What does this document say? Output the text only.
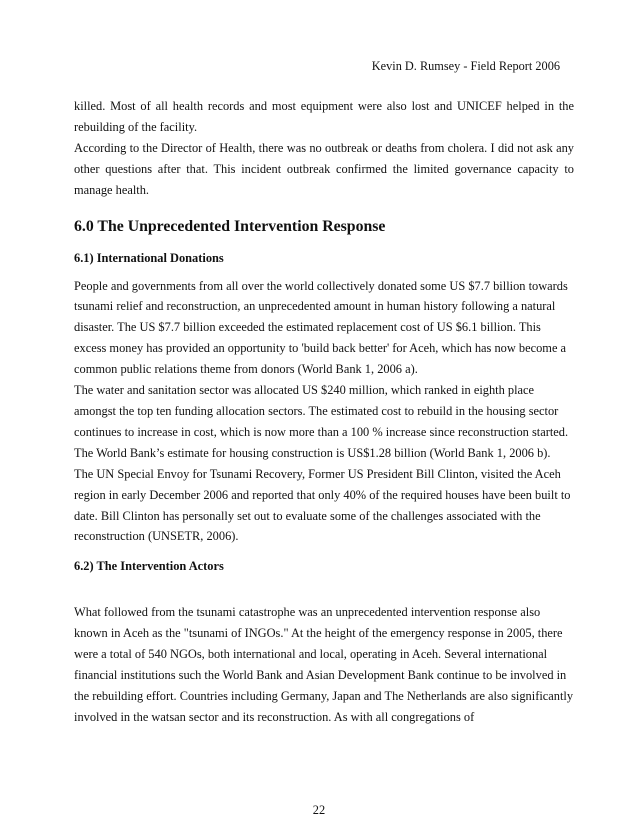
Kevin D. Rumsey - Field Report 2006

killed. Most of all health records and most equipment were also lost and UNICEF helped in the rebuilding of the facility.

According to the Director of Health, there was no outbreak or deaths from cholera. I did not ask any other questions after that. This incident outbreak confirmed the limited governance capacity to manage health.

6.0 The Unprecedented Intervention Response
6.1) International Donations

People and governments from all over the world collectively donated some US $7.7 billion towards tsunami relief and reconstruction, an unprecedented amount in human history following a natural disaster. The US $7.7 billion exceeded the estimated replacement cost of US $6.1 billion. This excess money has provided an opportunity to 'build back better' for Aceh, which has now become a common public relations theme from donors (World Bank 1, 2006 a).

The water and sanitation sector was allocated US $240 million, which ranked in eighth place amongst the top ten funding allocation sectors. The estimated cost to rebuild in the housing sector continues to increase in cost, which is now more than a 100 % increase since reconstruction started. The World Bank’s estimate for housing construction is US$1.28 billion (World Bank 1, 2006 b).

The UN Special Envoy for Tsunami Recovery, Former US President Bill Clinton, visited the Aceh region in early December 2006 and reported that only 40% of the required houses have been built to date. Bill Clinton has personally set out to evaluate some of the challenges associated with the reconstruction (UNSETR, 2006).

6.2) The Intervention Actors

What followed from the tsunami catastrophe was an unprecedented intervention response also known in Aceh as the "tsunami of INGOs." At the height of the emergency response in 2005, there were a total of 540 NGOs, both international and local, operating in Aceh. Several international financial institutions such the World Bank and Asian Development Bank continue to be involved in the rebuilding effort. Countries including Germany, Japan and The Netherlands are also significantly involved in the watsan sector and its reconstruction. As with all congregations of

22
